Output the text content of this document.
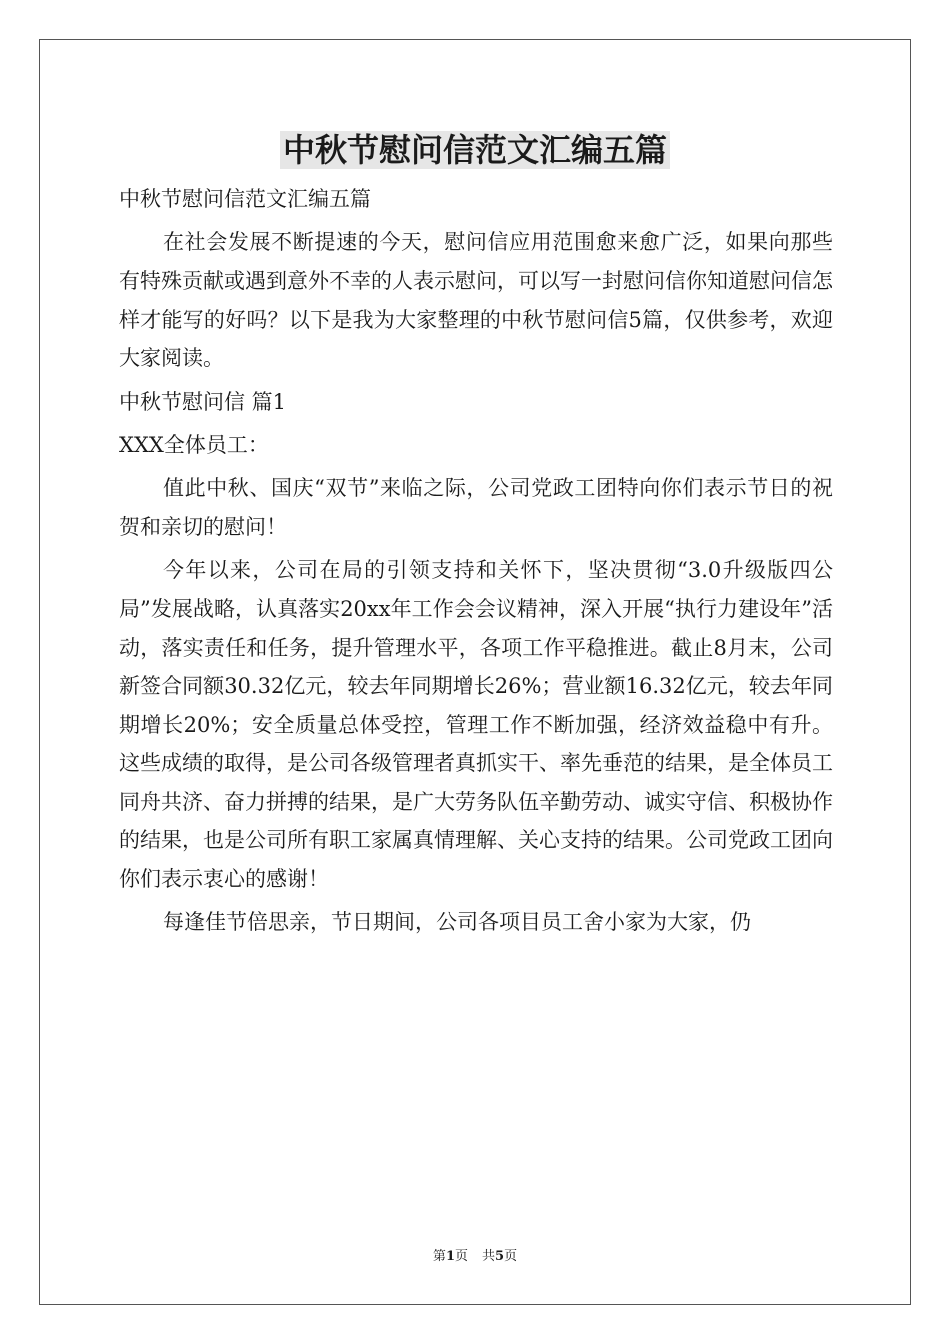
中秋节慰问信范文汇编五篇

中秋节慰问信范文汇编五篇

在社会发展不断提速的今天，慰问信应用范围愈来愈广泛，如果向那些有特殊贡献或遇到意外不幸的人表示慰问，可以写一封慰问信你知道慰问信怎样才能写的好吗？以下是我为大家整理的中秋节慰问信5篇，仅供参考，欢迎大家阅读。

中秋节慰问信 篇1

XXX全体员工：

值此中秋、国庆“双节”来临之际，公司党政工团特向你们表示节日的祝贺和亲切的慰问！

今年以来，公司在局的引领支持和关怀下，坚决贯彻“3.0升级版四公局”发展战略，认真落实20xx年工作会会议精神，深入开展“执行力建设年”活动，落实责任和任务，提升管理水平，各项工作平稳推进。截止8月末，公司新签合同额30.32亿元，较去年同期增长26%；营业额16.32亿元，较去年同期增长20%；安全质量总体受控，管理工作不断加强，经济效益稳中有升。这些成绩的取得，是公司各级管理者真抓实干、率先垂范的结果，是全体员工同舟共济、奋力拼搏的结果，是广大劳务队伍辛勤劳动、诚实守信、积极协作的结果，也是公司所有职工家属真情理解、关心支持的结果。公司党政工团向你们表示衷心的感谢！

每逢佳节倍思亲，节日期间，公司各项目员工舍小家为大家，仍

第1页 共5页
